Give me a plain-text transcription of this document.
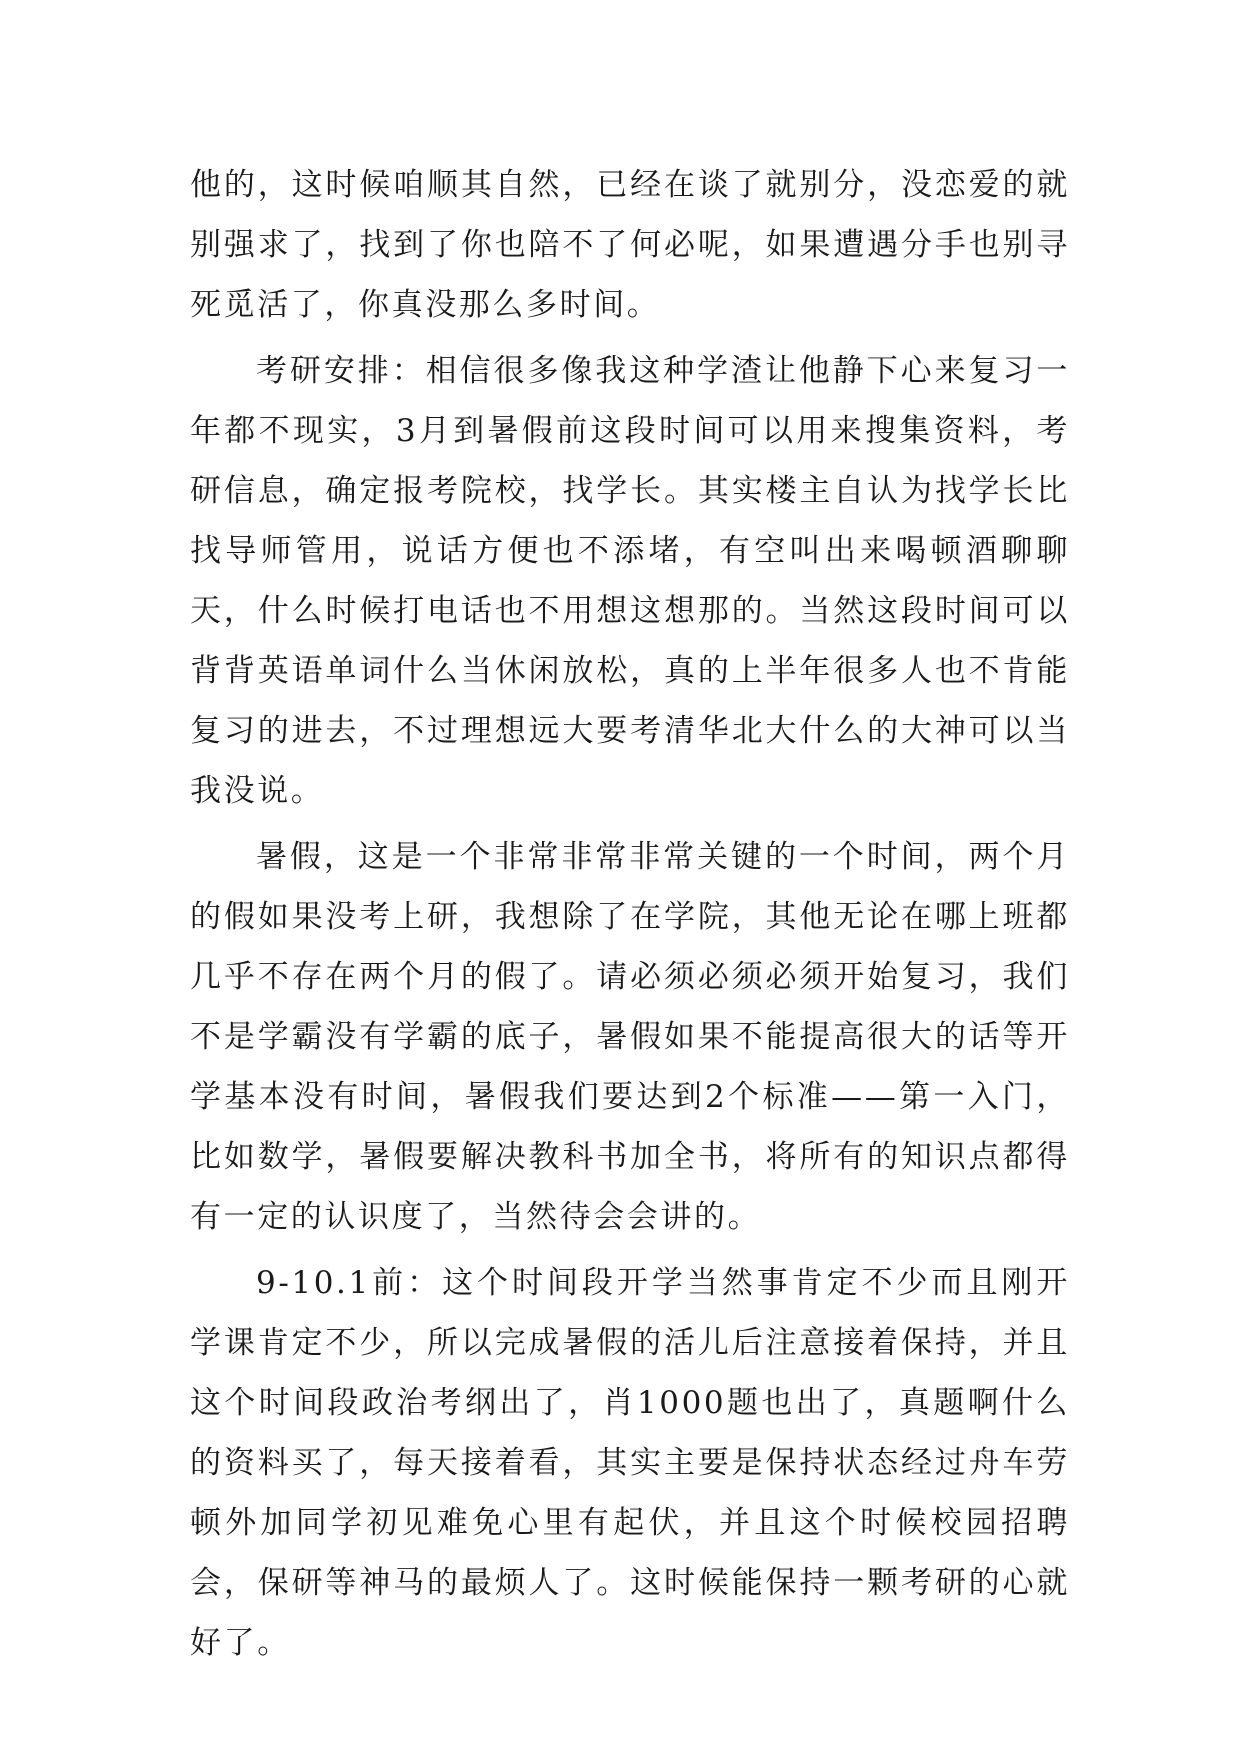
他的，这时候咱顺其自然，已经在谈了就别分，没恋爱的就别强求了，找到了你也陪不了何必呢，如果遭遇分手也别寻死觅活了，你真没那么多时间。

考研安排：相信很多像我这种学渣让他静下心来复习一年都不现实，3月到暑假前这段时间可以用来搜集资料，考研信息，确定报考院校，找学长。其实楼主自认为找学长比找导师管用，说话方便也不添堵，有空叫出来喝顿酒聊聊天，什么时候打电话也不用想这想那的。当然这段时间可以背背英语单词什么当休闲放松，真的上半年很多人也不肯能复习的进去，不过理想远大要考清华北大什么的大神可以当我没说。

暑假，这是一个非常非常非常关键的一个时间，两个月的假如果没考上研，我想除了在学院，其他无论在哪上班都几乎不存在两个月的假了。请必须必须必须开始复习，我们不是学霸没有学霸的底子，暑假如果不能提高很大的话等开学基本没有时间，暑假我们要达到2个标准——第一入门，比如数学，暑假要解决教科书加全书，将所有的知识点都得有一定的认识度了，当然待会会讲的。

9-10.1前：这个时间段开学当然事肯定不少而且刚开学课肯定不少，所以完成暑假的活儿后注意接着保持，并且这个时间段政治考纲出了，肖1000题也出了，真题啊什么的资料买了，每天接着看，其实主要是保持状态经过舟车劳顿外加同学初见难免心里有起伏，并且这个时候校园招聘会，保研等神马的最烦人了。这时候能保持一颗考研的心就好了。
